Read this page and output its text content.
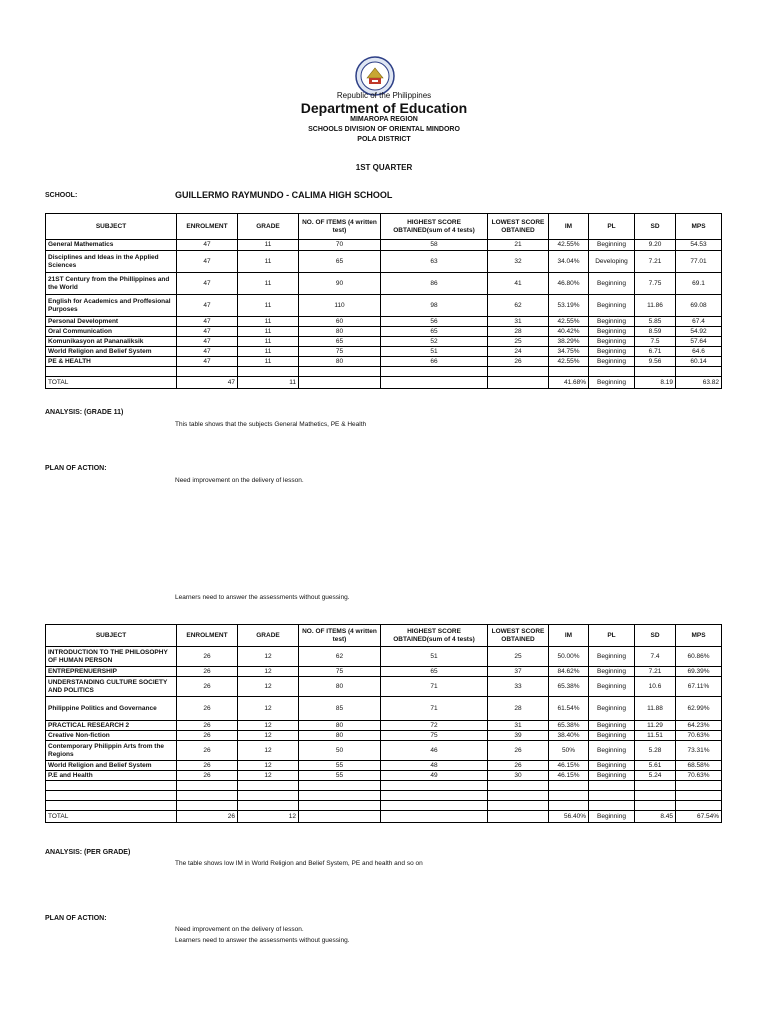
Republic of the Philippines
Department of Education
MIMAROPA REGION
SCHOOLS DIVISION OF ORIENTAL MINDORO
POLA DISTRICT
1ST QUARTER
SCHOOL:	GUILLERMO RAYMUNDO - CALIMA HIGH SCHOOL
SUBJECT	ENROLMENT	GRADE	NO. OF ITEMS (4 written test)	HIGHEST SCORE OBTAINED(sum of 4 tests)	LOWEST SCORE OBTAINED	IM	PL	SD	MPS
General Mathematics	47	11	70	58	21	42.55%	Beginning	9.20	54.53
Disciplines and Ideas in the Applied Sciences	47	11	65	63	32	34.04%	Developing	7.21	77.01
21ST Century from the Phillippines and the World	47	11	90	86	41	46.80%	Beginning	7.75	69.1
English for Academics and Proffesional Purposes	47	11	110	98	62	53.19%	Beginning	11.86	69.08
Personal Development	47	11	60	56	31	42.55%	Beginning	5.85	67.4
Oral Communication	47	11	80	65	28	40.42%	Beginning	8.59	54.92
Komunikasyon at Pananaliksik	47	11	65	52	25	38.29%	Beginning	7.5	57.64
World Religion and Belief System	47	11	75	51	24	34.75%	Beginning	6.71	64.6
PE & HEALTH	47	11	80	66	26	42.55%	Beginning	9.56	60.14

TOTAL	47	11				41.68%	Beginning	8.19	63.82
ANALYSIS: (GRADE 11)
This table shows that the subjects General Mathetics, PE & Health
PLAN OF ACTION:
Need improvement on the delivery of lesson.
Learners need to answer the assessments without guessing.
SUBJECT	ENROLMENT	GRADE	NO. OF ITEMS (4 written test)	HIGHEST SCORE OBTAINED(sum of 4 tests)	LOWEST SCORE OBTAINED	IM	PL	SD	MPS
INTRODUCTION TO THE PHILOSOPHY OF HUMAN PERSON	26	12	62	51	25	50.00%	Beginning	7.4	60.86%
ENTREPRENUERSHIP	26	12	75	65	37	84.62%	Beginning	7.21	69.39%
UNDERSTANDING CULTURE SOCIETY AND POLITICS	26	12	80	71	33	65.38%	Beginning	10.6	67.11%
Philippine Politics and Governance	26	12	85	71	28	61.54%	Beginning	11.88	62.99%
PRACTICAL RESEARCH 2	26	12	80	72	31	65.38%	Beginning	11.29	64.23%
Creative Non-fiction	26	12	80	75	39	38.40%	Beginning	11.51	70.63%
Contemporary Philippin Arts from the Regions	26	12	50	46	26	50%	Beginning	5.28	73.31%
World Religion and Belief System	26	12	55	48	26	46.15%	Beginning	5.61	68.58%
P.E and Health	26	12	55	49	30	46.15%	Beginning	5.24	70.63%

TOTAL	26	12				56.40%	Beginning	8.45	67.54%
ANALYSIS: (PER GRADE)
The table shows low IM in World Religion and Belief System, PE and health and so on
PLAN OF ACTION:
Need improvement on the delivery of lesson.
Learners need to answer the assessments without guessing.
